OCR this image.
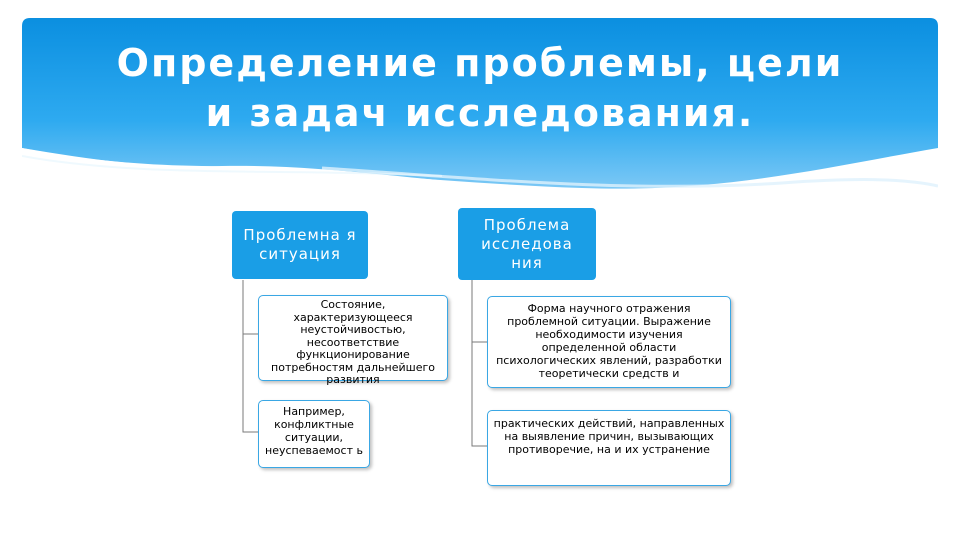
Определение проблемы, цели
и задач исследования.
Проблемна я ситуация
Состояние, характеризующееся неустойчивостью, несоответствие функционирование потребностям дальнейшего развития
Например, конфликтные ситуации, неуспеваемост ь
Проблема исследова ния
Форма научного отражения проблемной ситуации. Выражение необходимости изучения определенной области психологических явлений, разработки теоретически средств и
практических действий, направленных на выявление причин, вызывающих противоречие, на и их устранение
